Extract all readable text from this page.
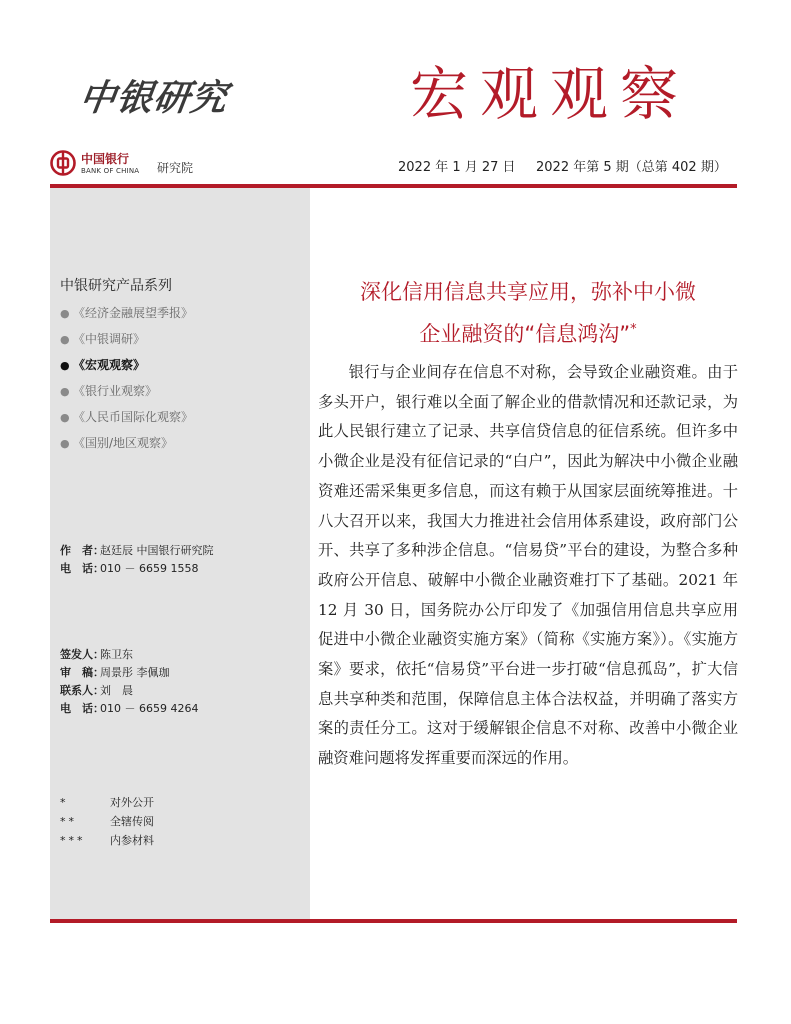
中银研究	宏观观察
中国银行
BANK OF CHINA 研究院	2022 年 1 月 27 日 2022 年第 5 期（总第 402 期）
中银研究产品系列
● 《经济金融展望季报》
● 《中银调研》
● 《宏观观察》
● 《银行业观察》
● 《人民币国际化观察》
● 《国别/地区观察》
作　者：赵廷辰 中国银行研究院
电　话：010 － 6659 1558
签发人：陈卫东
审　稿：周景彤 李佩珈
联系人：刘　晨
电　话：010 － 6659 4264
*	对外公开
**	全辖传阅
*** 内参材料
深化信用信息共享应用，弥补中小微
企业融资的“信息鸿沟”*

银行与企业间存在信息不对称，会导致企业融资难。由于多头开户，银行难以全面了解企业的借款情况和还款记录，为此人民银行建立了记录、共享信贷信息的征信系统。但许多中小微企业是没有征信记录的“白户”，因此为解决中小微企业融资难还需采集更多信息，而这有赖于从国家层面统筹推进。十八大召开以来，我国大力推进社会信用体系建设，政府部门公开、共享了多种涉企信息。“信易贷”平台的建设，为整合多种政府公开信息、破解中小微企业融资难打下了基础。2021 年 12 月 30 日，国务院办公厅印发了《加强信用信息共享应用促进中小微企业融资实施方案》（简称《实施方案》）。《实施方案》要求，依托“信易贷”平台进一步打破“信息孤岛”，扩大信息共享种类和范围，保障信息主体合法权益，并明确了落实方案的责任分工。这对于缓解银企信息不对称、改善中小微企业融资难问题将发挥重要而深远的作用。
